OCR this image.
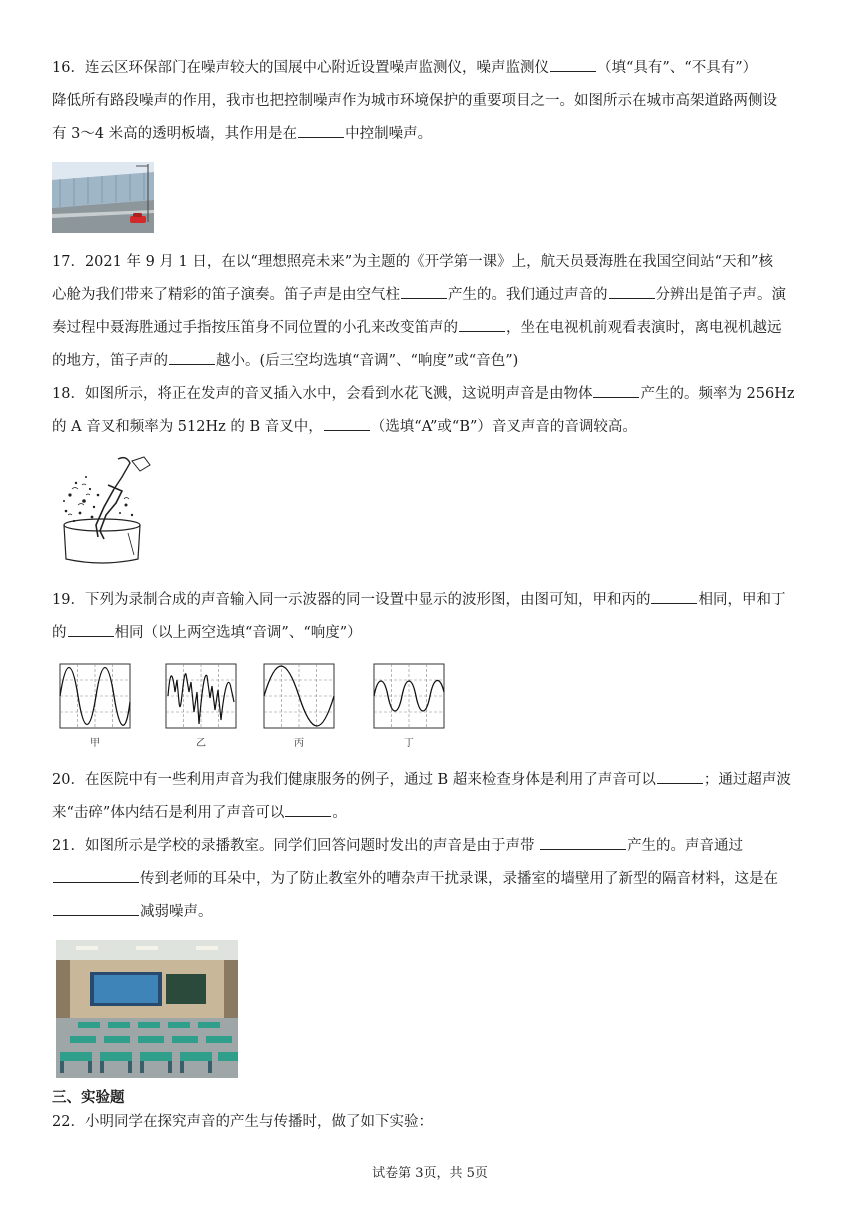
16．连云区环保部门在噪声较大的国展中心附近设置噪声监测仪，噪声监测仪	（填“具有”、“不具有”）
降低所有路段噪声的作用，我市也把控制噪声作为城市环境保护的重要项目之一。如图所示在城市高架道路两侧设
有 3～4 米高的透明板墙，其作用是在	中控制噪声。
17．2021 年 9 月 1 日，在以“理想照亮未来”为主题的《开学第一课》上，航天员聂海胜在我国空间站“天和”核
心舱为我们带来了精彩的笛子演奏。笛子声是由空气柱	产生的。我们通过声音的	分辨出是笛子声。演
奏过程中聂海胜通过手指按压笛身不同位置的小孔来改变笛声的	，坐在电视机前观看表演时，离电视机越远
的地方，笛子声的	越小。(后三空均选填“音调”、“响度”或“音色”)
18．如图所示，将正在发声的音叉插入水中，会看到水花飞溅，这说明声音是由物体	产生的。频率为 256Hz
的 A 音叉和频率为 512Hz 的 B 音叉中，	（选填“A”或“B”）音叉声音的音调较高。
19．下列为录制合成的声音输入同一示波器的同一设置中显示的波形图，由图可知，甲和丙的	相同，甲和丁
的	相同（以上两空选填“音调”、“响度”）
甲	乙	丙	丁
20．在医院中有一些利用声音为我们健康服务的例子，通过 B 超来检查身体是利用了声音可以	；通过超声波
来“击碎”体内结石是利用了声音可以	。
21．如图所示是学校的录播教室。同学们回答问题时发出的声音是由于声带	产生的。声音通过
传到老师的耳朵中，为了防止教室外的嘈杂声干扰录课，录播室的墙壁用了新型的隔音材料，这是在
减弱噪声。
三、实验题
22．小明同学在探究声音的产生与传播时，做了如下实验：
试卷第 3页，共 5页
